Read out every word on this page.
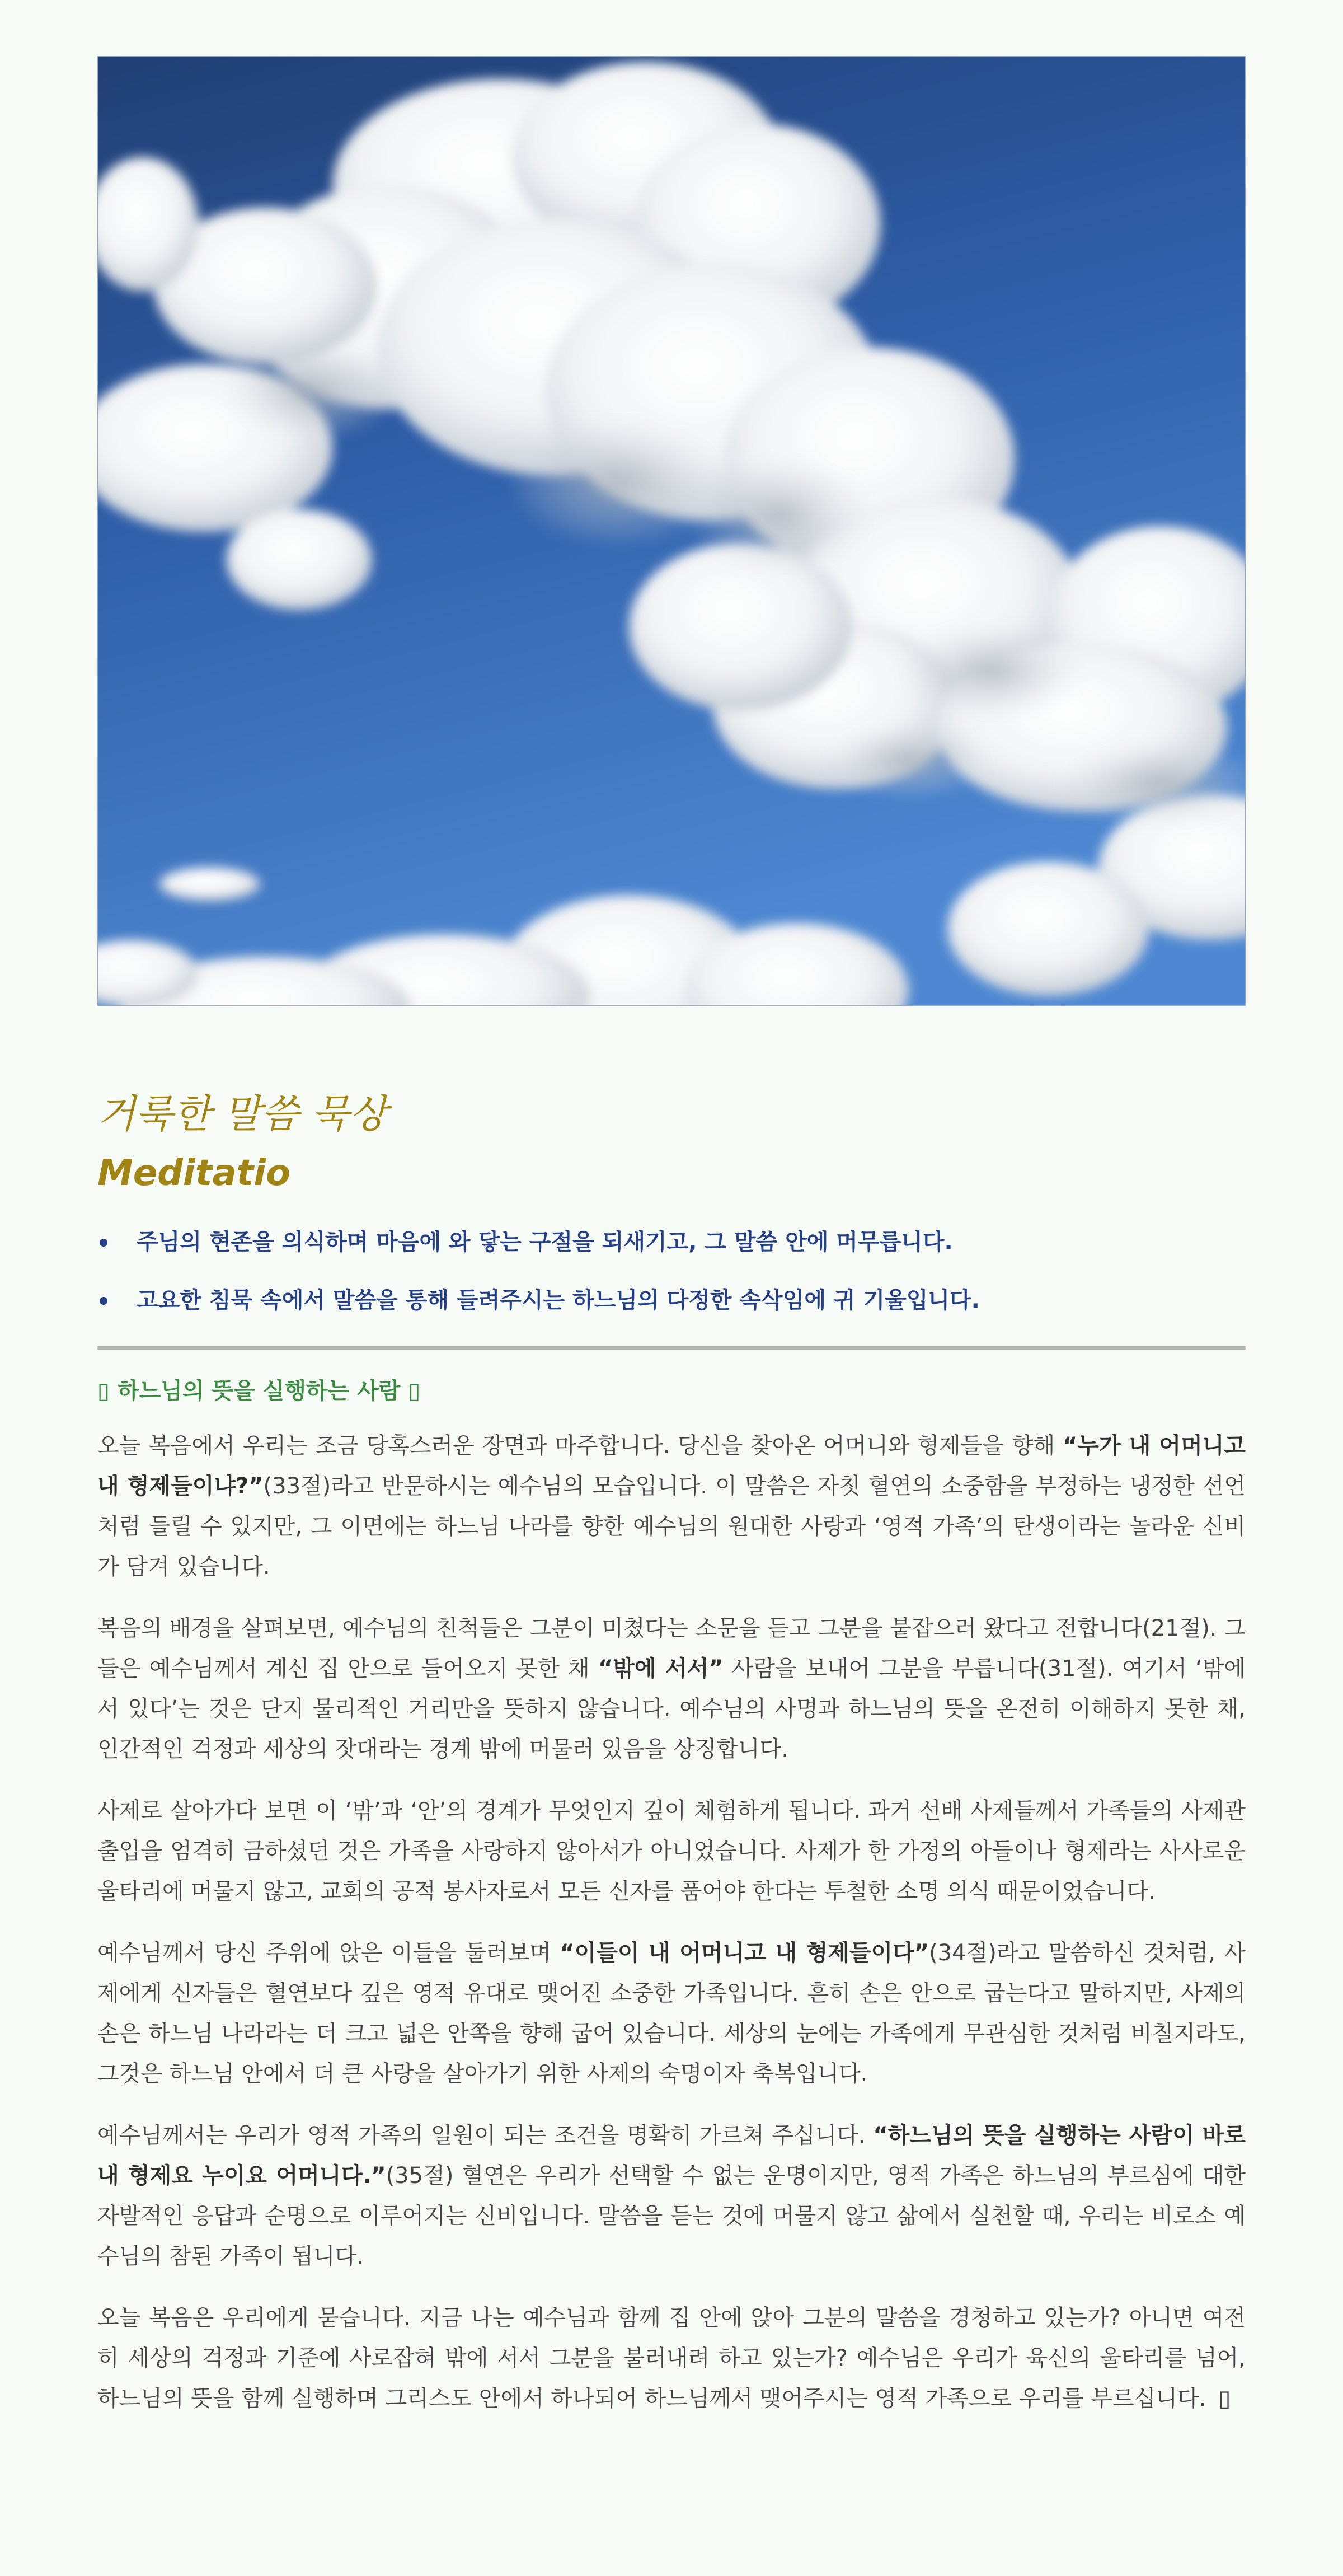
거룩한 말씀 묵상
Meditatio
주님의 현존을 의식하며 마음에 와 닿는 구절을 되새기고, 그 말씀 안에 머무릅니다.
고요한 침묵 속에서 말씀을 통해 들려주시는 하느님의 다정한 속삭임에 귀 기울입니다.
▯ 하느님의 뜻을 실행하는 사람 ▯

오늘 복음에서 우리는 조금 당혹스러운 장면과 마주합니다. 당신을 찾아온 어머니와 형제들을 향해 “누가 내 어머니고 내 형제들이냐?”(33절)라고 반문하시는 예수님의 모습입니다. 이 말씀은 자칫 혈연의 소중함을 부정하는 냉정한 선언처럼 들릴 수 있지만, 그 이면에는 하느님 나라를 향한 예수님의 원대한 사랑과 ‘영적 가족’의 탄생이라는 놀라운 신비가 담겨 있습니다.

복음의 배경을 살펴보면, 예수님의 친척들은 그분이 미쳤다는 소문을 듣고 그분을 붙잡으러 왔다고 전합니다(21절). 그들은 예수님께서 계신 집 안으로 들어오지 못한 채 “밖에 서서” 사람을 보내어 그분을 부릅니다(31절). 여기서 ‘밖에 서 있다’는 것은 단지 물리적인 거리만을 뜻하지 않습니다. 예수님의 사명과 하느님의 뜻을 온전히 이해하지 못한 채, 인간적인 걱정과 세상의 잣대라는 경계 밖에 머물러 있음을 상징합니다.

사제로 살아가다 보면 이 ‘밖’과 ‘안’의 경계가 무엇인지 깊이 체험하게 됩니다. 과거 선배 사제들께서 가족들의 사제관 출입을 엄격히 금하셨던 것은 가족을 사랑하지 않아서가 아니었습니다. 사제가 한 가정의 아들이나 형제라는 사사로운 울타리에 머물지 않고, 교회의 공적 봉사자로서 모든 신자를 품어야 한다는 투철한 소명 의식 때문이었습니다.

예수님께서 당신 주위에 앉은 이들을 둘러보며 “이들이 내 어머니고 내 형제들이다”(34절)라고 말씀하신 것처럼, 사제에게 신자들은 혈연보다 깊은 영적 유대로 맺어진 소중한 가족입니다. 흔히 손은 안으로 굽는다고 말하지만, 사제의 손은 하느님 나라라는 더 크고 넓은 안쪽을 향해 굽어 있습니다. 세상의 눈에는 가족에게 무관심한 것처럼 비칠지라도, 그것은 하느님 안에서 더 큰 사랑을 살아가기 위한 사제의 숙명이자 축복입니다.

예수님께서는 우리가 영적 가족의 일원이 되는 조건을 명확히 가르쳐 주십니다. “하느님의 뜻을 실행하는 사람이 바로 내 형제요 누이요 어머니다.”(35절) 혈연은 우리가 선택할 수 없는 운명이지만, 영적 가족은 하느님의 부르심에 대한 자발적인 응답과 순명으로 이루어지는 신비입니다. 말씀을 듣는 것에 머물지 않고 삶에서 실천할 때, 우리는 비로소 예수님의 참된 가족이 됩니다.

오늘 복음은 우리에게 묻습니다. 지금 나는 예수님과 함께 집 안에 앉아 그분의 말씀을 경청하고 있는가? 아니면 여전히 세상의 걱정과 기준에 사로잡혀 밖에 서서 그분을 불러내려 하고 있는가? 예수님은 우리가 육신의 울타리를 넘어, 하느님의 뜻을 함께 실행하며 그리스도 안에서 하나되어 하느님께서 맺어주시는 영적 가족으로 우리를 부르십니다. ▯
